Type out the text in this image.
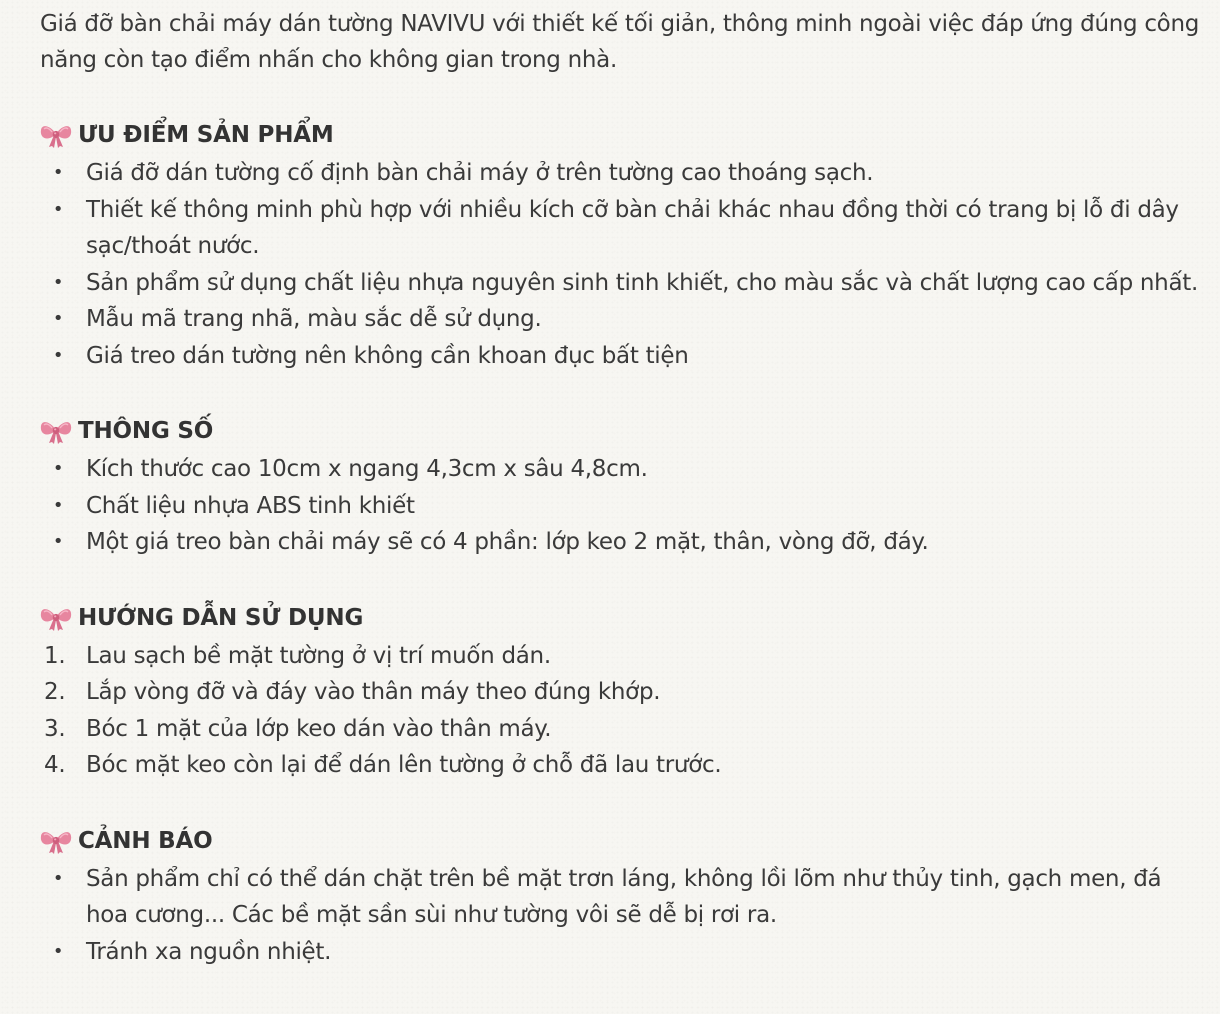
Giá đỡ bàn chải máy dán tường NAVIVU với thiết kế tối giản, thông minh ngoài việc đáp ứng đúng công năng còn tạo điểm nhấn cho không gian trong nhà.

ƯU ĐIỂM SẢN PHẨM
• Giá đỡ dán tường cố định bàn chải máy ở trên tường cao thoáng sạch.
• Thiết kế thông minh phù hợp với nhiều kích cỡ bàn chải khác nhau đồng thời có trang bị lỗ đi dây sạc/thoát nước.
• Sản phẩm sử dụng chất liệu nhựa nguyên sinh tinh khiết, cho màu sắc và chất lượng cao cấp nhất.
• Mẫu mã trang nhã, màu sắc dễ sử dụng.
• Giá treo dán tường nên không cần khoan đục bất tiện
THÔNG SỐ
• Kích thước cao 10cm x ngang 4,3cm x sâu 4,8cm.
• Chất liệu nhựa ABS tinh khiết
• Một giá treo bàn chải máy sẽ có 4 phần: lớp keo 2 mặt, thân, vòng đỡ, đáy.
HƯỚNG DẪN SỬ DỤNG
1. Lau sạch bề mặt tường ở vị trí muốn dán.
2. Lắp vòng đỡ và đáy vào thân máy theo đúng khớp.
3. Bóc 1 mặt của lớp keo dán vào thân máy.
4. Bóc mặt keo còn lại để dán lên tường ở chỗ đã lau trước.
CẢNH BÁO
• Sản phẩm chỉ có thể dán chặt trên bề mặt trơn láng, không lồi lõm như thủy tinh, gạch men, đá hoa cương... Các bề mặt sần sùi như tường vôi sẽ dễ bị rơi ra.
• Tránh xa nguồn nhiệt.
